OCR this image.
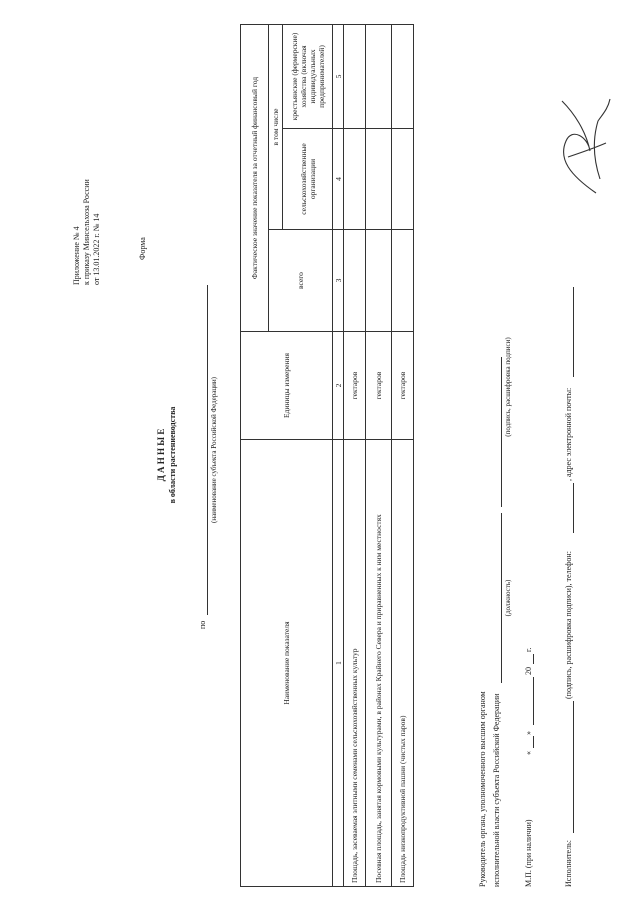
Приложение № 4 к приказу Минсельхоза России от 13.01.2022 г. № 14	Форма
Д А Н Н Ы Е в области растениеводства
по
(наименование субъекта Российской Федерации)
Наименование показателя	Единицы измерения	Фактическое значение показателя за отчетный финансовый год		
		всего	в том числе	
			сельскохозяйственные организации	крестьянские (фермерские) хозяйства (включая индивидуальных предпринимателей)
1	2	3	4	5
Площадь, засеваемая элитными семенами сельскохозяйственных культур	гектаров			
Посевная площадь, занятая кормовыми культурами, в районах Крайнего Севера и приравненных к ним местностях	гектаров			
Площадь низкопродуктивной пашни (чистых паров)	гектаров			
Руководитель органа, уполномоченного высшим органом исполнительной власти субъекта Российской Федерации
(должность)
(подпись, расшифровка подписи)
М.П. (при наличии)
«
»
20
г.
Исполнитель:
(подпись, расшифровка подписи), телефон:
, адрес электронной почты:
